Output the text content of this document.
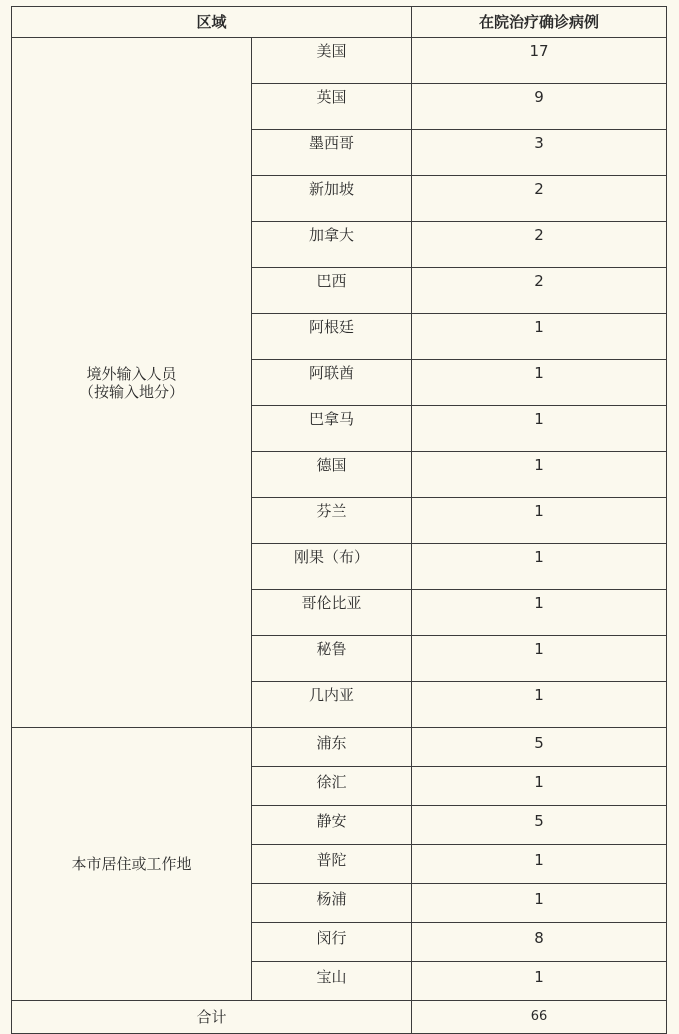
区域		在院治疗确诊病例

境外输入人员
（按输入地分）	美国	17
	英国	9
	墨西哥	3
	新加坡	2
	加拿大	2
	巴西	2
	阿根廷	1
	阿联酋	1
	巴拿马	1
	德国	1
	芬兰	1
	刚果（布）	1
	哥伦比亚	1
	秘鲁	1
	几内亚	1
本市居住或工作地	浦东	5
	徐汇	1
	静安	5
	普陀	1
	杨浦	1
	闵行	8
	宝山	1
合计		66
